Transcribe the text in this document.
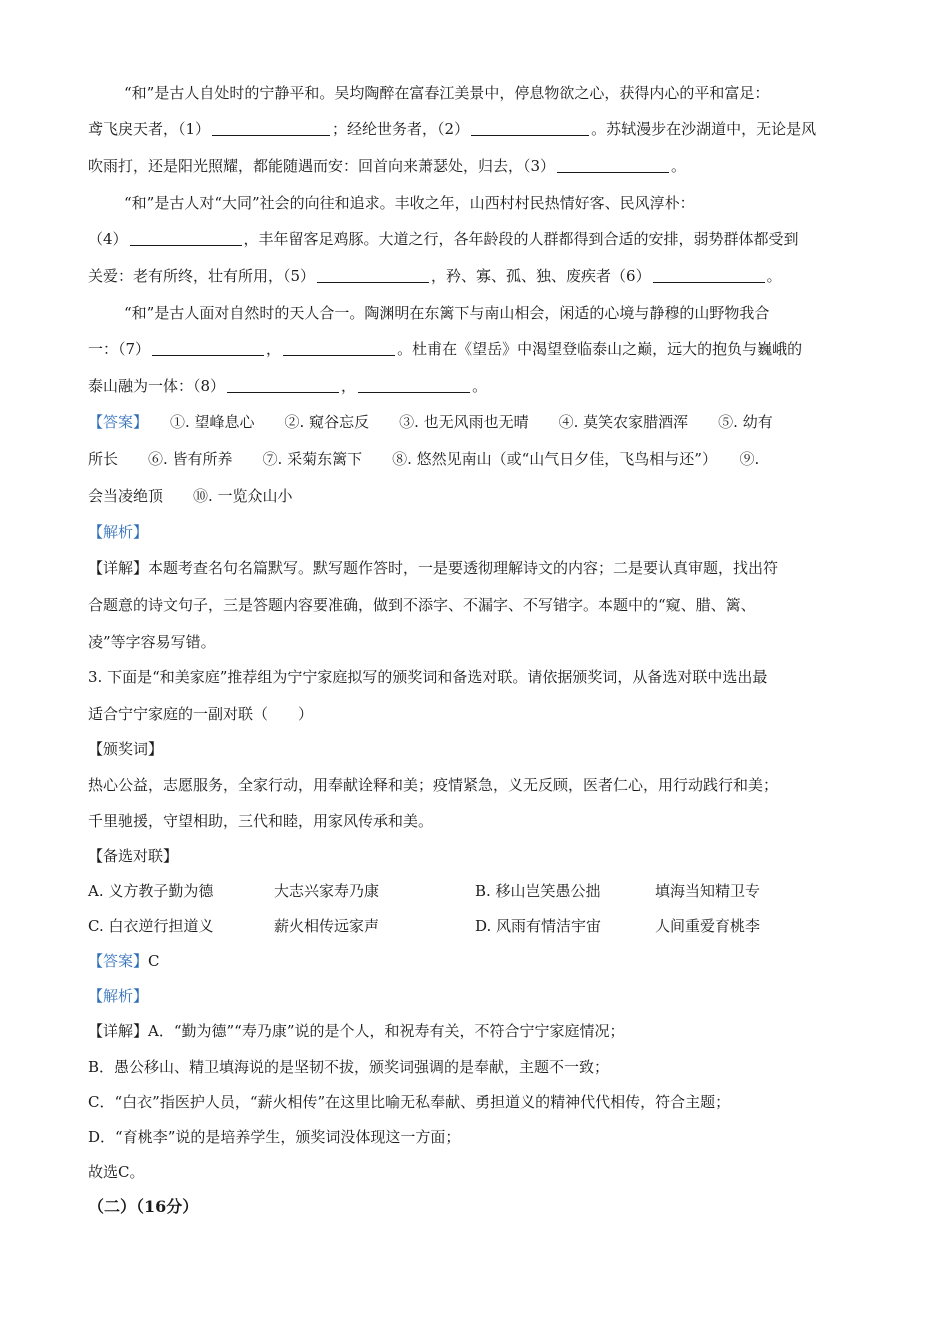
“和”是古人自处时的宁静平和。吴均陶醉在富春江美景中，停息物欲之心，获得内心的平和富足：
鸢飞戾天者，（1）	；经纶世务者，（2）	。苏轼漫步在沙湖道中，无论是风
吹雨打，还是阳光照耀，都能随遇而安：回首向来萧瑟处，归去，（3）	。
“和”是古人对“大同”社会的向往和追求。丰收之年，山西村村民热情好客、民风淳朴：
（4）	，丰年留客足鸡豚。大道之行，各年龄段的人群都得到合适的安排，弱势群体都受到
关爱：老有所终，壮有所用，（5）	，矜、寡、孤、独、废疾者（6）	。
“和”是古人面对自然时的天人合一。陶渊明在东篱下与南山相会，闲适的心境与静穆的山野物我合
一：（7）	，	。杜甫在《望岳》中渴望登临泰山之巅，远大的抱负与巍峨的
泰山融为一体：（8）	，	。
【答案】 ①. 望峰息心　　②. 窥谷忘反　　③. 也无风雨也无晴　　④. 莫笑农家腊酒浑　　⑤. 幼有
所长　　⑥. 皆有所养　　⑦. 采菊东篱下　　⑧. 悠然见南山（或“山气日夕佳，飞鸟相与还”）　　⑨.
会当凌绝顶　　⑩. 一览众山小
【解析】
【详解】本题考查名句名篇默写。默写题作答时，一是要透彻理解诗文的内容；二是要认真审题，找出符
合题意的诗文句子，三是答题内容要准确，做到不添字、不漏字、不写错字。本题中的“窥、腊、篱、
凌”等字容易写错。
3. 下面是“和美家庭”推荐组为宁宁家庭拟写的颁奖词和备选对联。请依据颁奖词，从备选对联中选出最
适合宁宁家庭的一副对联（　　）
【颁奖词】
热心公益，志愿服务，全家行动，用奉献诠释和美；疫情紧急，义无反顾，医者仁心，用行动践行和美；
千里驰援，守望相助，三代和睦，用家风传承和美。
【备选对联】
A. 义方教子勤为德	大志兴家寿乃康	B. 移山岂笑愚公拙	填海当知精卫专
C. 白衣逆行担道义	薪火相传远家声	D. 风雨有情洁宇宙	人间重爱育桃李
【答案】C
【解析】
【详解】A．“勤为德”“寿乃康”说的是个人，和祝寿有关，不符合宁宁家庭情况；
B．愚公移山、精卫填海说的是坚韧不拔，颁奖词强调的是奉献，主题不一致；
C．“白衣”指医护人员，“薪火相传”在这里比喻无私奉献、勇担道义的精神代代相传，符合主题；
D．“育桃李”说的是培养学生，颁奖词没体现这一方面；
故选C。
（二）（16分）
